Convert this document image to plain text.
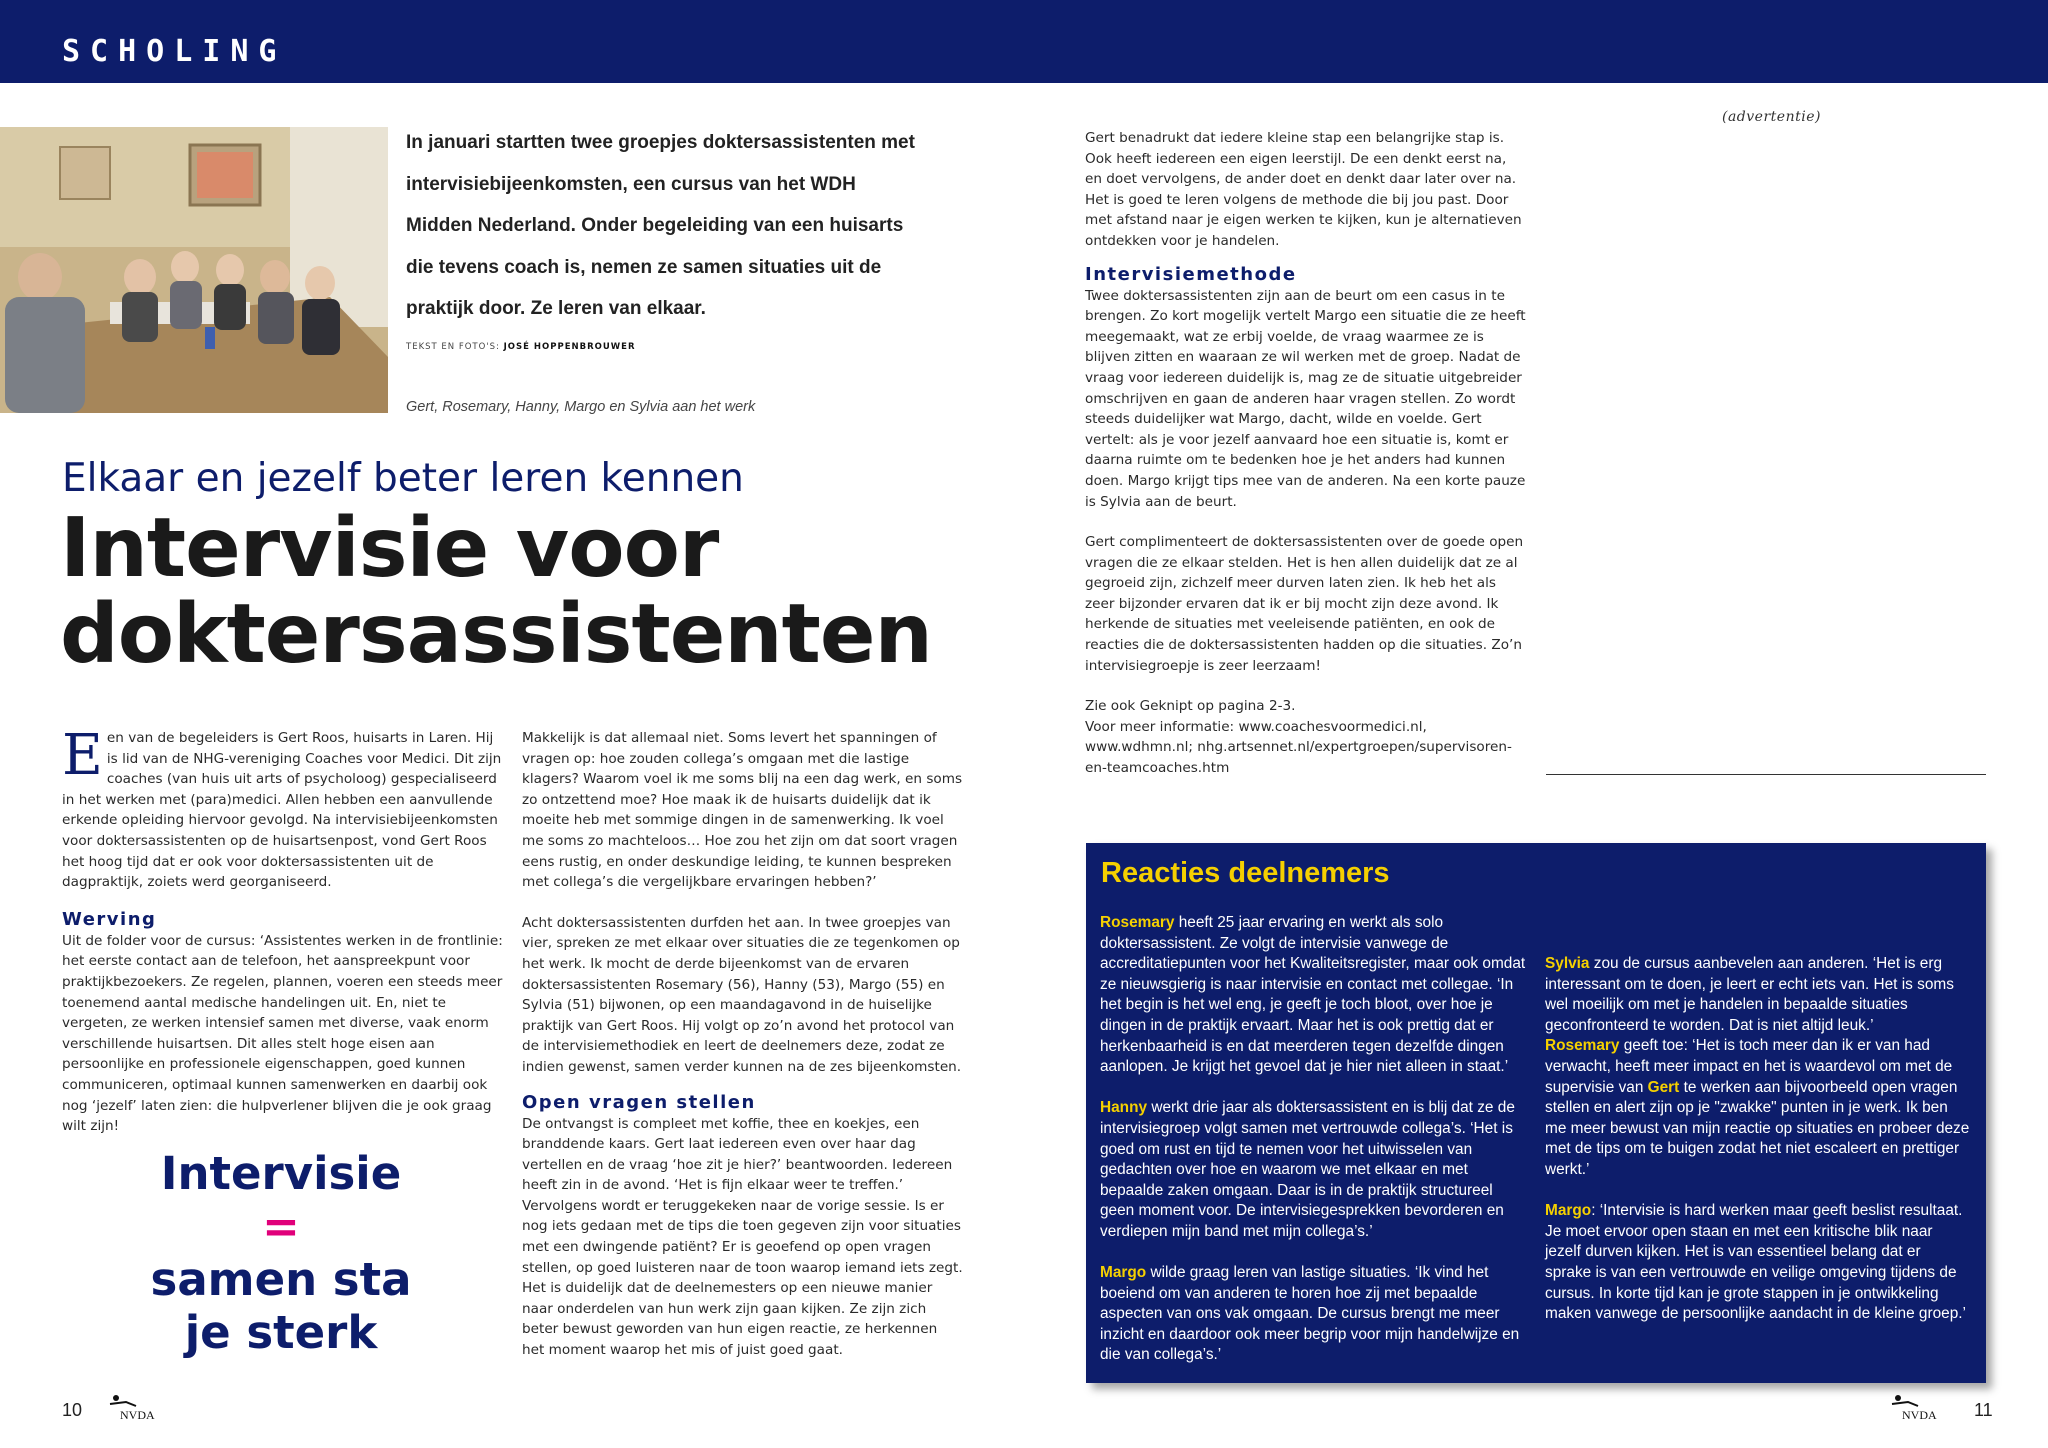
SCHOLING
In januari startten twee groepjes doktersassistenten met intervisiebijeenkomsten, een cursus van het WDH Midden Nederland. Onder begeleiding van een huisarts die tevens coach is, nemen ze samen situaties uit de praktijk door. Ze leren van elkaar.
TEKST EN FOTO'S: JOSÉ HOPPENBROUWER
Gert, Rosemary, Hanny, Margo en Sylvia aan het werk
Elkaar en jezelf beter leren kennen
Intervisie voor
doktersassistenten

Een van de begeleiders is Gert Roos, huisarts in Laren. Hij is lid van de NHG-vereniging Coaches voor Medici. Dit zijn coaches (van huis uit arts of psycholoog) gespecialiseerd in het werken met (para)medici. Allen hebben een aanvullende erkende opleiding hiervoor gevolgd. Na intervisiebijeenkomsten voor doktersassistenten op de huisartsenpost, vond Gert Roos het hoog tijd dat er ook voor doktersassistenten uit de dagpraktijk, zoiets werd georganiseerd.

Werving

Uit de folder voor de cursus: ‘Assistentes werken in de frontlinie: het eerste contact aan de telefoon, het aanspreekpunt voor praktijkbezoekers. Ze regelen, plannen, voeren een steeds meer toenemend aantal medische handelingen uit. En, niet te vergeten, ze werken intensief samen met diverse, vaak enorm verschillende huisartsen. Dit alles stelt hoge eisen aan persoonlijke en professionele eigenschappen, goed kunnen communiceren, optimaal kunnen samenwerken en daarbij ook nog ‘jezelf’ laten zien: die hulpverlener blijven die je ook graag wilt zijn!

Intervisie
=
samen sta
je sterk

Makkelijk is dat allemaal niet. Soms levert het spanningen of vragen op: hoe zouden collega’s omgaan met die lastige klagers? Waarom voel ik me soms blij na een dag werk, en soms zo ontzettend moe? Hoe maak ik de huisarts duidelijk dat ik moeite heb met sommige dingen in de samenwerking. Ik voel me soms zo machteloos… Hoe zou het zijn om dat soort vragen eens rustig, en onder deskundige leiding, te kunnen bespreken met collega’s die vergelijkbare ervaringen hebben?’

Acht doktersassistenten durfden het aan. In twee groepjes van vier, spreken ze met elkaar over situaties die ze tegenkomen op het werk. Ik mocht de derde bijeenkomst van de ervaren doktersassistenten Rosemary (56), Hanny (53), Margo (55) en Sylvia (51) bijwonen, op een maandagavond in de huiselijke praktijk van Gert Roos. Hij volgt op zo’n avond het protocol van de intervisiemethodiek en leert de deelnemers deze, zodat ze indien gewenst, samen verder kunnen na de zes bijeenkomsten.

Open vragen stellen

De ontvangst is compleet met koffie, thee en koekjes, een branddende kaars. Gert laat iedereen even over haar dag vertellen en de vraag ‘hoe zit je hier?’ beantwoorden. Iedereen heeft zin in de avond. ‘Het is fijn elkaar weer te treffen.’ Vervolgens wordt er teruggekeken naar de vorige sessie. Is er nog iets gedaan met de tips die toen gegeven zijn voor situaties met een dwingende patiënt? Er is geoefend op open vragen stellen, op goed luisteren naar de toon waarop iemand iets zegt. Het is duidelijk dat de deelnemesters op een nieuwe manier naar onderdelen van hun werk zijn gaan kijken. Ze zijn zich beter bewust geworden van hun eigen reactie, ze herkennen het moment waarop het mis of juist goed gaat.

Gert benadrukt dat iedere kleine stap een belangrijke stap is. Ook heeft iedereen een eigen leerstijl. De een denkt eerst na, en doet vervolgens, de ander doet en denkt daar later over na. Het is goed te leren volgens de methode die bij jou past. Door met afstand naar je eigen werken te kijken, kun je alternatieven ontdekken voor je handelen.

Intervisiemethode

Twee doktersassistenten zijn aan de beurt om een casus in te brengen. Zo kort mogelijk vertelt Margo een situatie die ze heeft meegemaakt, wat ze erbij voelde, de vraag waarmee ze is blijven zitten en waaraan ze wil werken met de groep. Nadat de vraag voor iedereen duidelijk is, mag ze de situatie uitgebreider omschrijven en gaan de anderen haar vragen stellen. Zo wordt steeds duidelijker wat Margo, dacht, wilde en voelde. Gert vertelt: als je voor jezelf aanvaard hoe een situatie is, komt er daarna ruimte om te bedenken hoe je het anders had kunnen doen. Margo krijgt tips mee van de anderen. Na een korte pauze is Sylvia aan de beurt.

Gert complimenteert de doktersassistenten over de goede open vragen die ze elkaar stelden. Het is hen allen duidelijk dat ze al gegroeid zijn, zichzelf meer durven laten zien. Ik heb het als zeer bijzonder ervaren dat ik er bij mocht zijn deze avond. Ik herkende de situaties met veeleisende patiënten, en ook de reacties die de doktersassistenten hadden op die situaties. Zo’n intervisiegroepje is zeer leerzaam!

Zie ook Geknipt op pagina 2-3.

Voor meer informatie: www.coachesvoormedici.nl, www.wdhmn.nl; nhg.artsennet.nl/expertgroepen/supervisoren-en-teamcoaches.htm

(advertentie)
Reacties deelnemers

Rosemary heeft 25 jaar ervaring en werkt als solo doktersassistent. Ze volgt de intervisie vanwege de accreditatiepunten voor het Kwaliteitsregister, maar ook omdat ze nieuwsgierig is naar intervisie en contact met collegae. ‘In het begin is het wel eng, je geeft je toch bloot, over hoe je dingen in de praktijk ervaart. Maar het is ook prettig dat er herkenbaarheid is en dat meerderen tegen dezelfde dingen aanlopen. Je krijgt het gevoel dat je hier niet alleen in staat.’

Hanny werkt drie jaar als doktersassistent en is blij dat ze de intervisiegroep volgt samen met vertrouwde collega’s. ‘Het is goed om rust en tijd te nemen voor het uitwisselen van gedachten over hoe en waarom we met elkaar en met bepaalde zaken omgaan. Daar is in de praktijk structureel geen moment voor. De intervisiegesprekken bevorderen en verdiepen mijn band met mijn collega’s.’

Margo wilde graag leren van lastige situaties. ‘Ik vind het boeiend om van anderen te horen hoe zij met bepaalde aspecten van ons vak omgaan. De cursus brengt me meer inzicht en daardoor ook meer begrip voor mijn handelwijze en die van collega’s.’

Sylvia zou de cursus aanbevelen aan anderen. ‘Het is erg interessant om te doen, je leert er echt iets van. Het is soms wel moeilijk om met je handelen in bepaalde situaties geconfronteerd te worden. Dat is niet altijd leuk.’

Rosemary geeft toe: ‘Het is toch meer dan ik er van had verwacht, heeft meer impact en het is waardevol om met de supervisie van Gert te werken aan bijvoorbeeld open vragen stellen en alert zijn op je "zwakke" punten in je werk. Ik ben me meer bewust van mijn reactie op situaties en probeer deze met de tips om te buigen zodat het niet escaleert en prettiger werkt.’

Margo: ‘Intervisie is hard werken maar geeft beslist resultaat. Je moet ervoor open staan en met een kritische blik naar jezelf durven kijken. Het is van essentieel belang dat er sprake is van een vertrouwde en veilige omgeving tijdens de cursus. In korte tijd kan je grote stappen in je ontwikkeling maken vanwege de persoonlijke aandacht in de kleine groep.’

10	NVDA	NVDA 11
